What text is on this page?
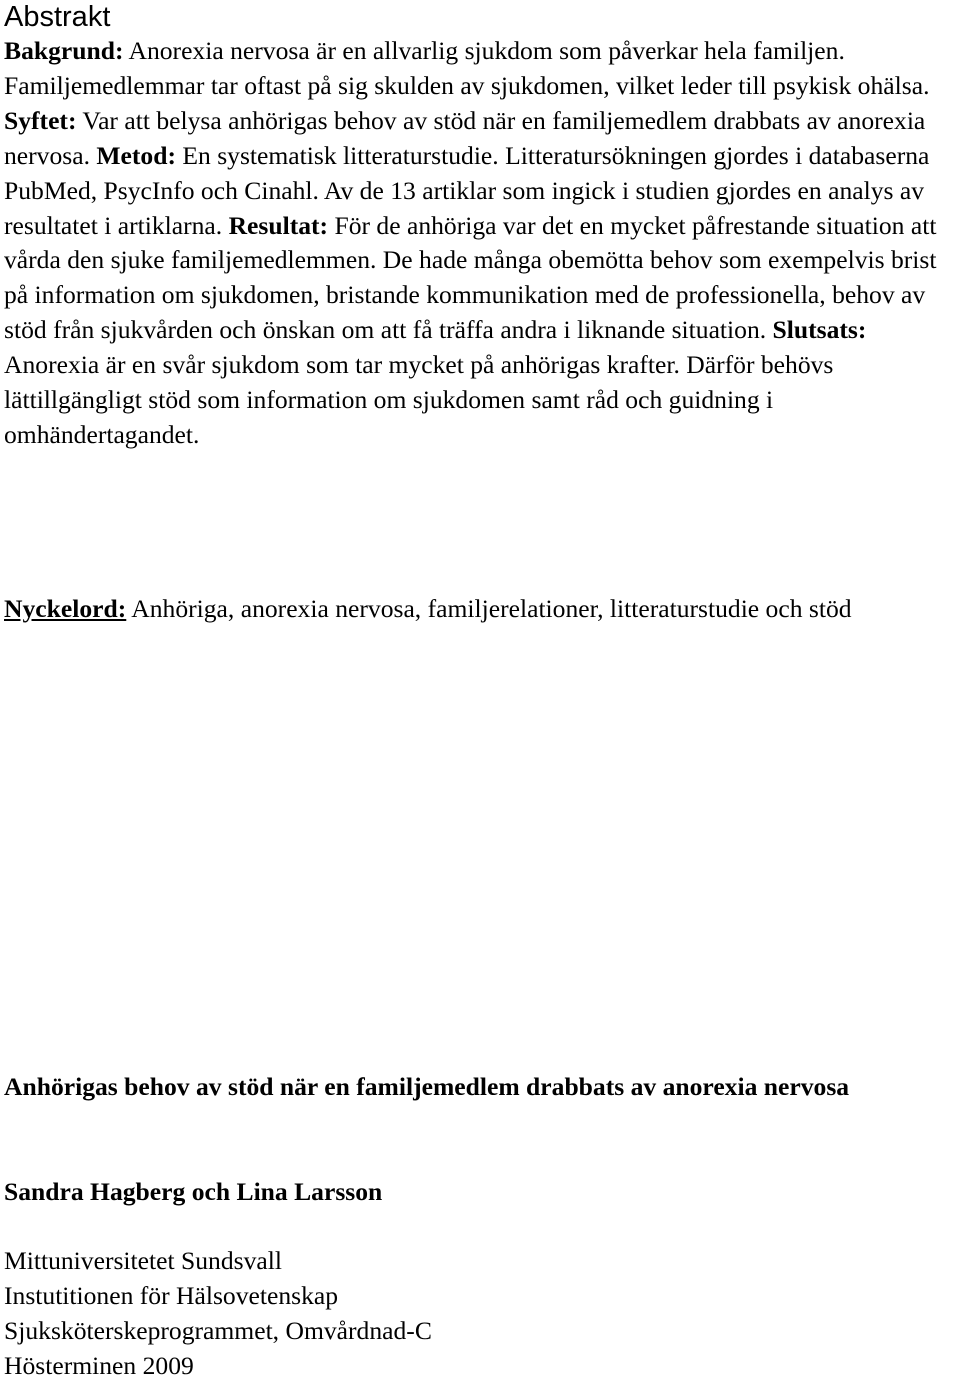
Abstrakt

Bakgrund: Anorexia nervosa är en allvarlig sjukdom som påverkar hela familjen. Familjemedlemmar tar oftast på sig skulden av sjukdomen, vilket leder till psykisk ohälsa. Syftet: Var att belysa anhörigas behov av stöd när en familjemedlem drabbats av anorexia nervosa. Metod: En systematisk litteraturstudie. Litteratursökningen gjordes i databaserna PubMed, PsycInfo och Cinahl. Av de 13 artiklar som ingick i studien gjordes en analys av resultatet i artiklarna. Resultat: För de anhöriga var det en mycket påfrestande situation att vårda den sjuke familjemedlemmen. De hade många obemötta behov som exempelvis brist på information om sjukdomen, bristande kommunikation med de professionella, behov av stöd från sjukvården och önskan om att få träffa andra i liknande situation. Slutsats: Anorexia är en svår sjukdom som tar mycket på anhörigas krafter. Därför behövs lättillgängligt stöd som information om sjukdomen samt råd och guidning i omhändertagandet.

Nyckelord: Anhöriga, anorexia nervosa, familjerelationer, litteraturstudie och stöd

Anhörigas behov av stöd när en familjemedlem drabbats av anorexia nervosa

Sandra Hagberg och Lina Larsson

Mittuniversitetet Sundsvall
Instutitionen för Hälsovetenskap
Sjuksköterskeprogrammet, Omvårdnad-C
Hösterminen 2009
